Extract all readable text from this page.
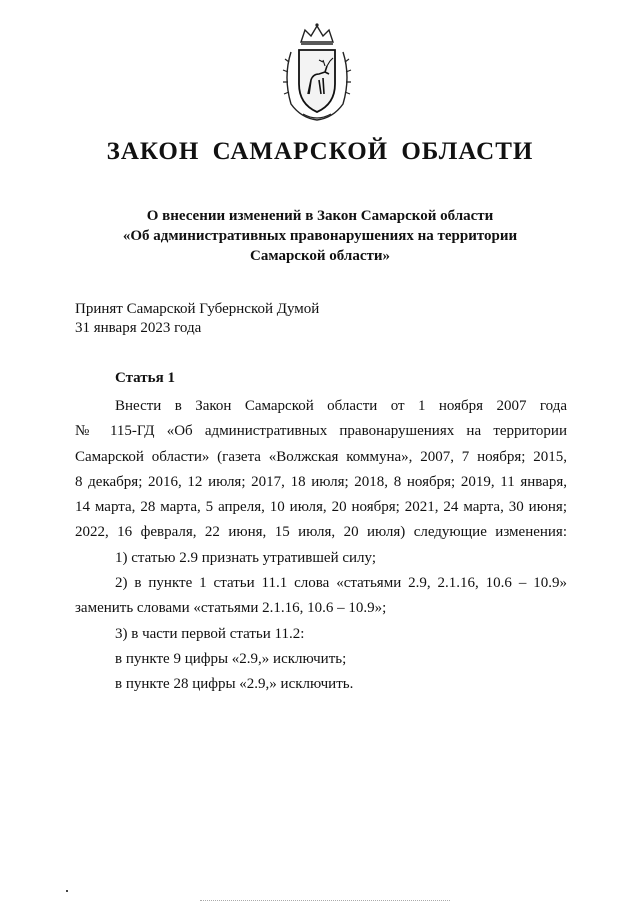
ЗАКОН САМАРСКОЙ ОБЛАСТИ
О внесении изменений в Закон Самарской области
«Об административных правонарушениях на территории
Самарской области»
Принят Самарской Губернской Думой
31 января 2023 года
Статья 1
Внести в Закон Самарской области от 1 ноября 2007 года
№ 115-ГД «Об административных правонарушениях на территории
Самарской области» (газета «Волжская коммуна», 2007, 7 ноября; 2015,
8 декабря; 2016, 12 июля; 2017, 18 июля; 2018, 8 ноября; 2019, 11 января,
14 марта, 28 марта, 5 апреля, 10 июля, 20 ноября; 2021, 24 марта, 30 июня;
2022, 16 февраля, 22 июня, 15 июля, 20 июля) следующие изменения:
1) статью 2.9 признать утратившей силу;
2) в пункте 1 статьи 11.1 слова «статьями 2.9, 2.1.16, 10.6 – 10.9»
заменить словами «статьями 2.1.16, 10.6 – 10.9»;
3) в части первой статьи 11.2:
в пункте 9 цифры «2.9,» исключить;
в пункте 28 цифры «2.9,» исключить.
